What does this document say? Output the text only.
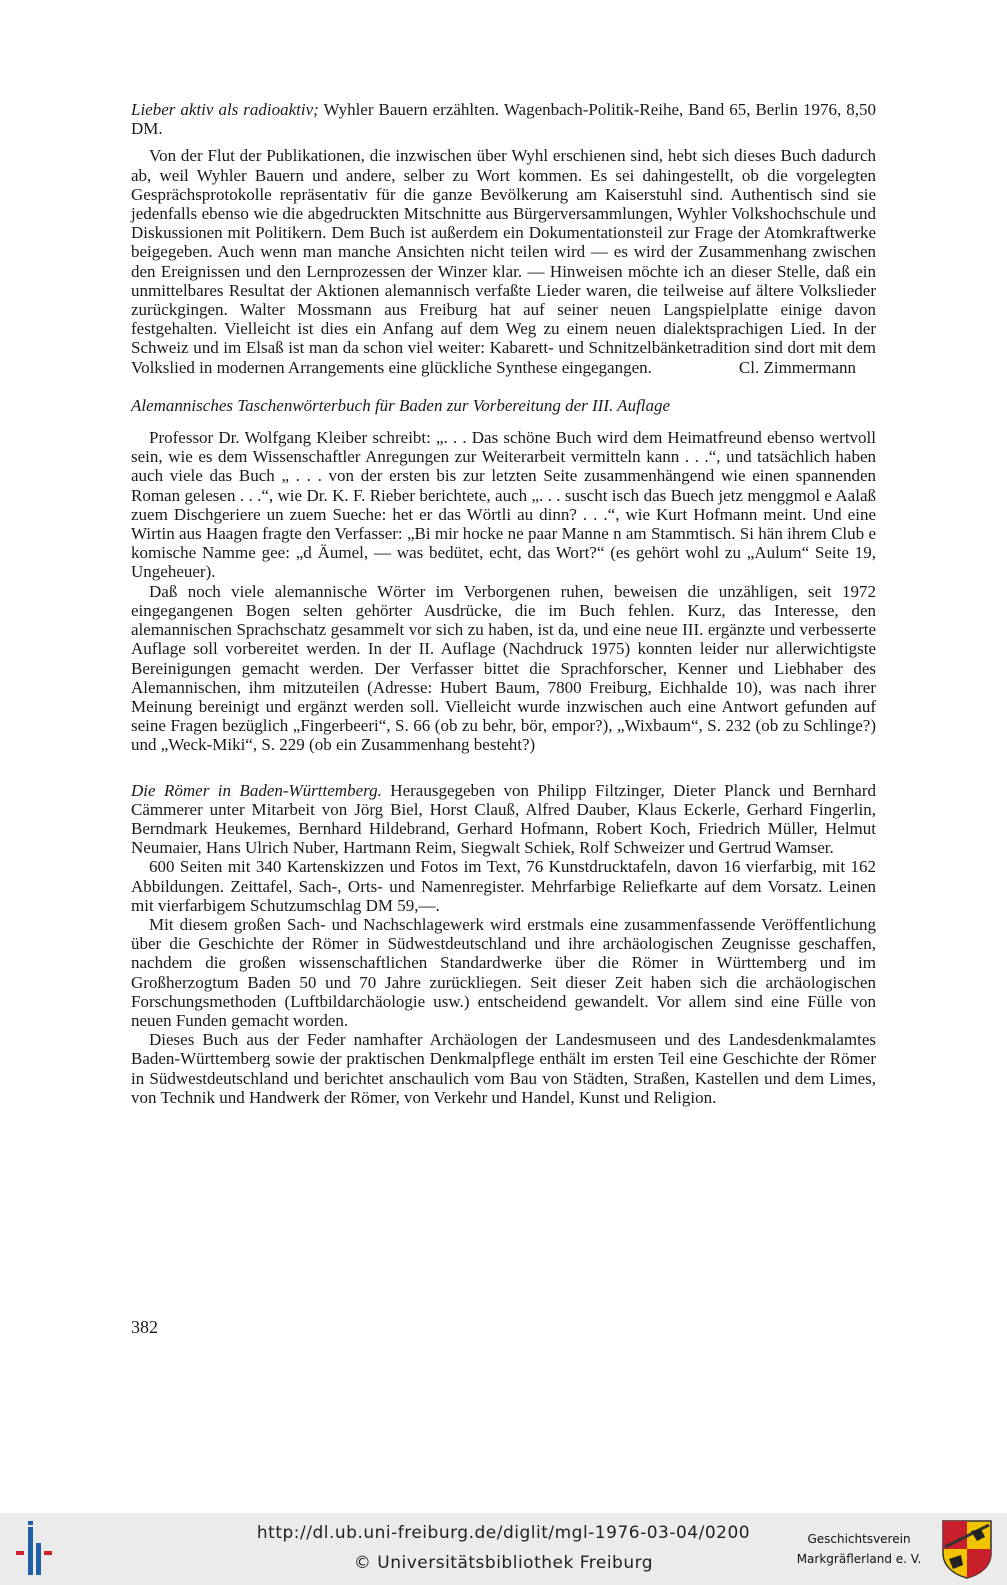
Lieber aktiv als radioaktiv; Wyhler Bauern erzählten. Wagenbach-Politik-Reihe, Band 65, Berlin 1976, 8,50 DM.

Von der Flut der Publikationen, die inzwischen über Wyhl erschienen sind, hebt sich dieses Buch dadurch ab, weil Wyhler Bauern und andere, selber zu Wort kommen. Es sei dahingestellt, ob die vorgelegten Gesprächsprotokolle repräsentativ für die ganze Bevölkerung am Kaiserstuhl sind. Authentisch sind sie jedenfalls ebenso wie die abgedruckten Mitschnitte aus Bürgerversammlungen, Wyhler Volkshochschule und Diskussionen mit Politikern. Dem Buch ist außerdem ein Dokumentationsteil zur Frage der Atomkraftwerke beigegeben. Auch wenn man manche Ansichten nicht teilen wird — es wird der Zusammenhang zwischen den Ereignissen und den Lernprozessen der Winzer klar. — Hinweisen möchte ich an dieser Stelle, daß ein unmittelbares Resultat der Aktionen alemannisch verfaßte Lieder waren, die teilweise auf ältere Volkslieder zurückgingen. Walter Mossmann aus Freiburg hat auf seiner neuen Langspielplatte einige davon festgehalten. Vielleicht ist dies ein Anfang auf dem Weg zu einem neuen dialektsprachigen Lied. In der Schweiz und im Elsaß ist man da schon viel weiter: Kabarett- und Schnitzelbänketradition sind dort mit dem Volkslied in modernen Arrangements eine glückliche Synthese eingegangen.	Cl. Zimmermann

Alemannisches Taschenwörterbuch für Baden zur Vorbereitung der III. Auflage

Professor Dr. Wolfgang Kleiber schreibt: „. . . Das schöne Buch wird dem Heimatfreund ebenso wertvoll sein, wie es dem Wissenschaftler Anregungen zur Weiterarbeit vermitteln kann . . .“, und tatsächlich haben auch viele das Buch „ . . . von der ersten bis zur letzten Seite zusammenhängend wie einen spannenden Roman gelesen . . .“, wie Dr. K. F. Rieber berichtete, auch „. . . suscht isch das Buech jetz menggmol e Aalaß zuem Dischgeriere un zuem Sueche: het er das Wörtli au dinn? . . .“, wie Kurt Hofmann meint. Und eine Wirtin aus Haagen fragte den Verfasser: „Bi mir hocke ne paar Manne n am Stammtisch. Si hän ihrem Club e komische Namme gee: „d Äumel, — was bedütet, echt, das Wort?“ (es gehört wohl zu „Aulum“ Seite 19, Ungeheuer).

Daß noch viele alemannische Wörter im Verborgenen ruhen, beweisen die unzähligen, seit 1972 eingegangenen Bogen selten gehörter Ausdrücke, die im Buch fehlen. Kurz, das Interesse, den alemannischen Sprachschatz gesammelt vor sich zu haben, ist da, und eine neue III. ergänzte und verbesserte Auflage soll vorbereitet werden. In der II. Auflage (Nachdruck 1975) konnten leider nur allerwichtigste Bereinigungen gemacht werden. Der Verfasser bittet die Sprachforscher, Kenner und Liebhaber des Alemannischen, ihm mitzuteilen (Adresse: Hubert Baum, 7800 Freiburg, Eichhalde 10), was nach ihrer Meinung bereinigt und ergänzt werden soll. Vielleicht wurde inzwischen auch eine Antwort gefunden auf seine Fragen bezüglich „Fingerbeeri“, S. 66 (ob zu behr, bör, empor?), „Wixbaum“, S. 232 (ob zu Schlinge?) und „Weck-Miki“, S. 229 (ob ein Zusammenhang besteht?)

Die Römer in Baden-Württemberg. Herausgegeben von Philipp Filtzinger, Dieter Planck und Bernhard Cämmerer unter Mitarbeit von Jörg Biel, Horst Clauß, Alfred Dauber, Klaus Eckerle, Gerhard Fingerlin, Berndmark Heukemes, Bernhard Hildebrand, Gerhard Hofmann, Robert Koch, Friedrich Müller, Helmut Neumaier, Hans Ulrich Nuber, Hartmann Reim, Siegwalt Schiek, Rolf Schweizer und Gertrud Wamser.

600 Seiten mit 340 Kartenskizzen und Fotos im Text, 76 Kunstdrucktafeln, davon 16 vierfarbig, mit 162 Abbildungen. Zeittafel, Sach-, Orts- und Namenregister. Mehrfarbige Reliefkarte auf dem Vorsatz. Leinen mit vierfarbigem Schutzumschlag DM 59,—.

Mit diesem großen Sach- und Nachschlagewerk wird erstmals eine zusammenfassende Veröffentlichung über die Geschichte der Römer in Südwestdeutschland und ihre archäologischen Zeugnisse geschaffen, nachdem die großen wissenschaftlichen Standardwerke über die Römer in Württemberg und im Großherzogtum Baden 50 und 70 Jahre zurückliegen. Seit dieser Zeit haben sich die archäologischen Forschungsmethoden (Luftbildarchäologie usw.) entscheidend gewandelt. Vor allem sind eine Fülle von neuen Funden gemacht worden.

Dieses Buch aus der Feder namhafter Archäologen der Landesmuseen und des Landesdenkmalamtes Baden-Württemberg sowie der praktischen Denkmalpflege enthält im ersten Teil eine Geschichte der Römer in Südwestdeutschland und berichtet anschaulich vom Bau von Städten, Straßen, Kastellen und dem Limes, von Technik und Handwerk der Römer, von Verkehr und Handel, Kunst und Religion.

382
http://dl.ub.uni-freiburg.de/diglit/mgl-1976-03-04/0200
© Universitätsbibliothek Freiburg
Geschichtsverein
Markgräflerland e. V.
